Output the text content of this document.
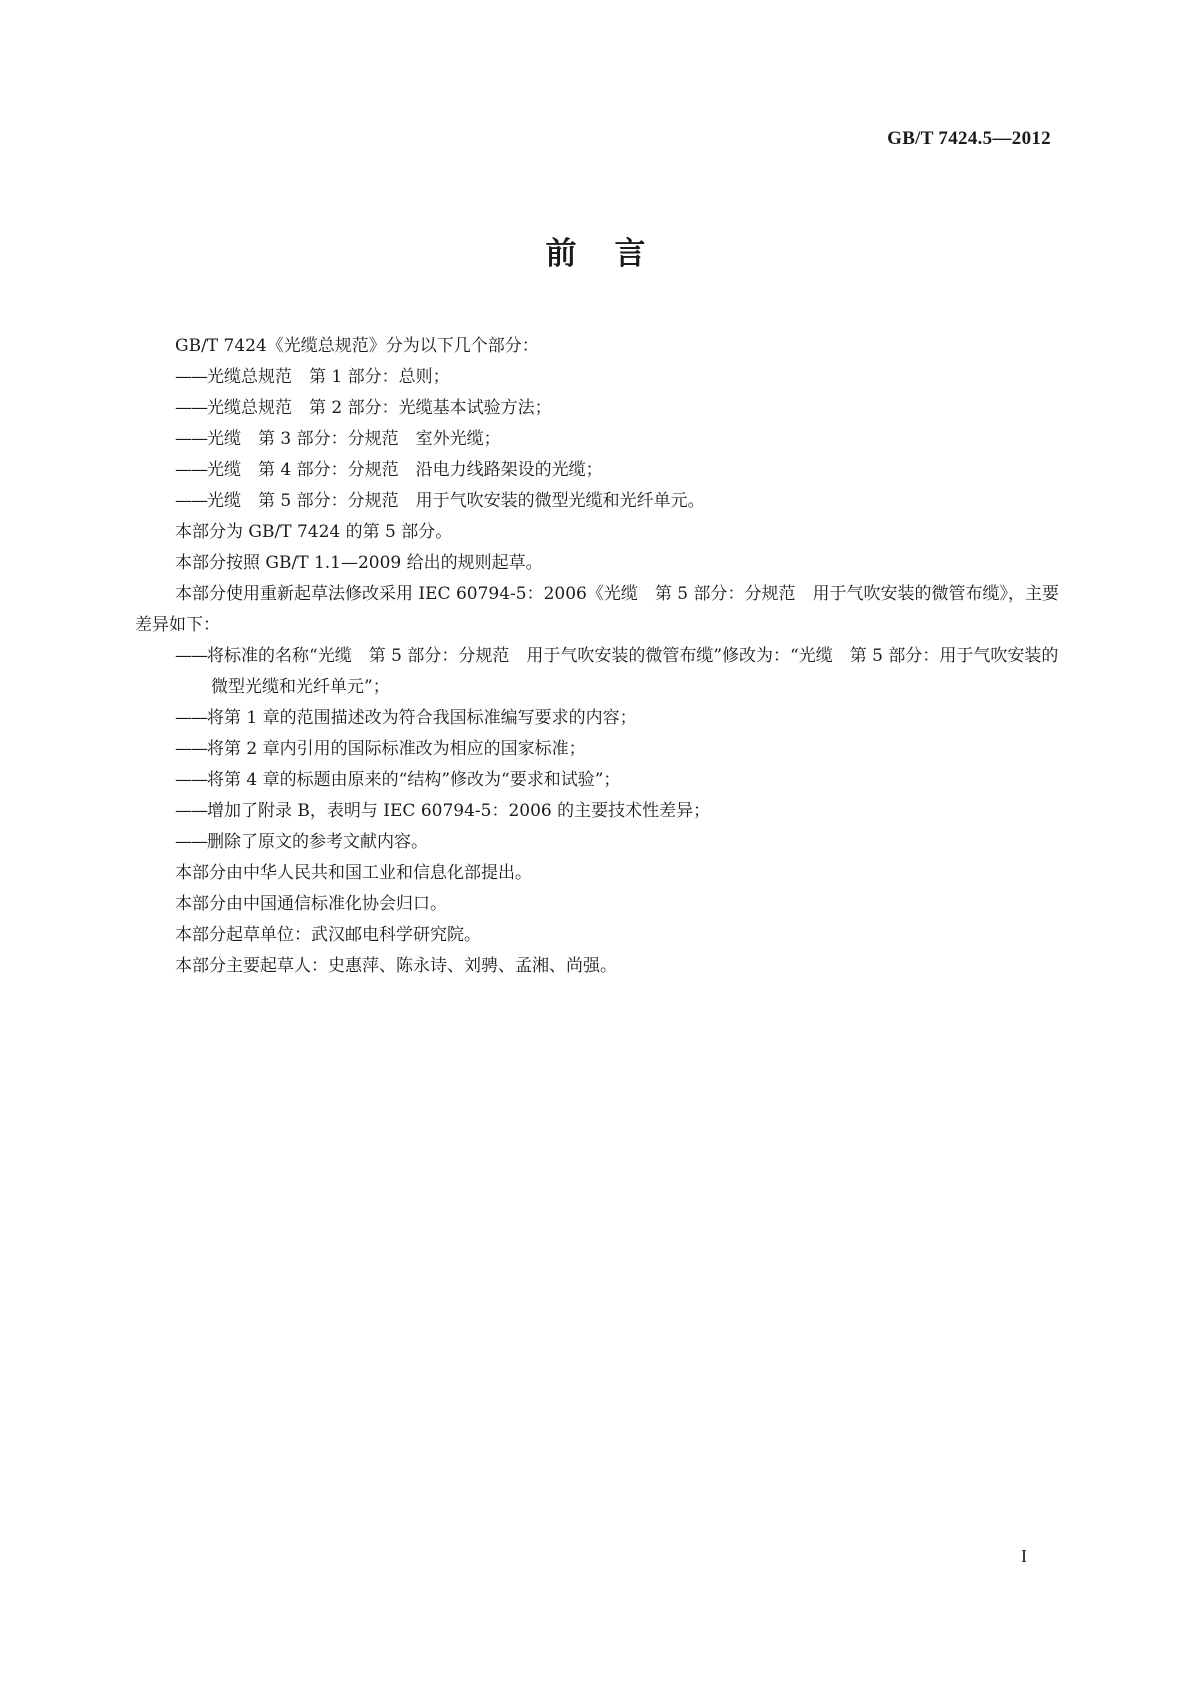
GB/T 7424.5—2012
前言

GB/T 7424《光缆总规范》分为以下几个部分：

——光缆总规范　第 1 部分：总则；

——光缆总规范　第 2 部分：光缆基本试验方法；

——光缆　第 3 部分：分规范　室外光缆；

——光缆　第 4 部分：分规范　沿电力线路架设的光缆；

——光缆　第 5 部分：分规范　用于气吹安装的微型光缆和光纤单元。

本部分为 GB/T 7424 的第 5 部分。

本部分按照 GB/T 1.1—2009 给出的规则起草。

本部分使用重新起草法修改采用 IEC 60794-5：2006《光缆　第 5 部分：分规范　用于气吹安装的微管布缆》，主要差异如下：

——将标准的名称“光缆　第 5 部分：分规范　用于气吹安装的微管布缆”修改为：“光缆　第 5 部分：用于气吹安装的微型光缆和光纤单元”；

——将第 1 章的范围描述改为符合我国标准编写要求的内容；

——将第 2 章内引用的国际标准改为相应的国家标准；

——将第 4 章的标题由原来的“结构”修改为“要求和试验”；

——增加了附录 B，表明与 IEC 60794-5：2006 的主要技术性差异；

——删除了原文的参考文献内容。

本部分由中华人民共和国工业和信息化部提出。

本部分由中国通信标准化协会归口。

本部分起草单位：武汉邮电科学研究院。

本部分主要起草人：史惠萍、陈永诗、刘骋、孟湘、尚强。

I
